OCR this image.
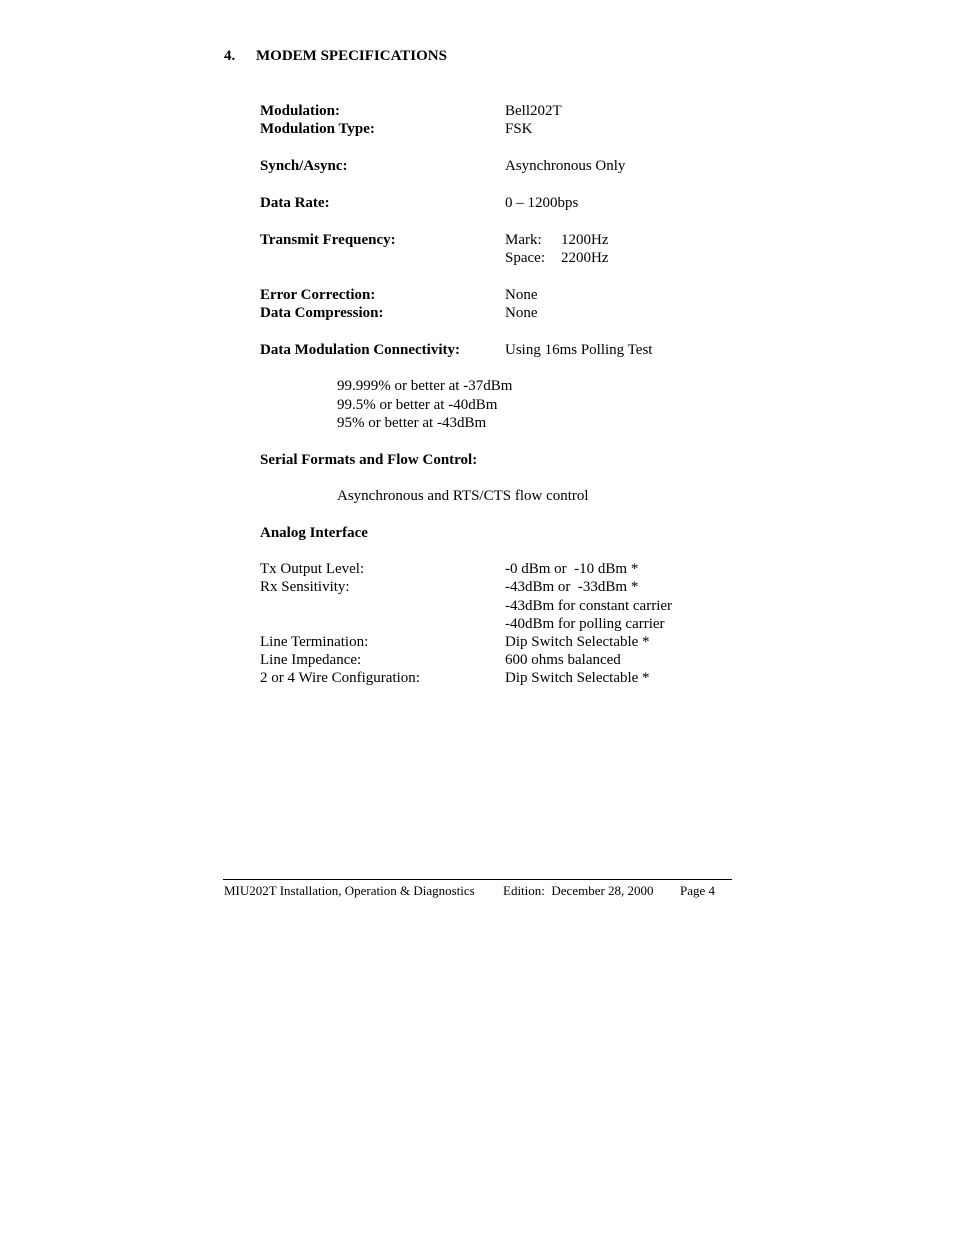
4. MODEM SPECIFICATIONS
Modulation:	Bell202T
Modulation Type:	FSK
Synch/Async:	Asynchronous Only
Data Rate:	0 – 1200bps
Transmit Frequency:	Mark: 1200Hz
Space: 2200Hz
Error Correction:	None
Data Compression:	None
Data Modulation Connectivity:	Using 16ms Polling Test
99.999% or better at -37dBm
99.5% or better at -40dBm
95% or better at -43dBm
Serial Formats and Flow Control:
Asynchronous and RTS/CTS flow control
Analog Interface
Tx Output Level:	-0 dBm or  -10 dBm *
Rx Sensitivity:	-43dBm or  -33dBm *
-43dBm for constant carrier
-40dBm for polling carrier
Line Termination:	Dip Switch Selectable *
Line Impedance:	600 ohms balanced
2 or 4 Wire Configuration:	Dip Switch Selectable *
MIU202T Installation, Operation & Diagnostics Edition:  December 28, 2000 Page 4
